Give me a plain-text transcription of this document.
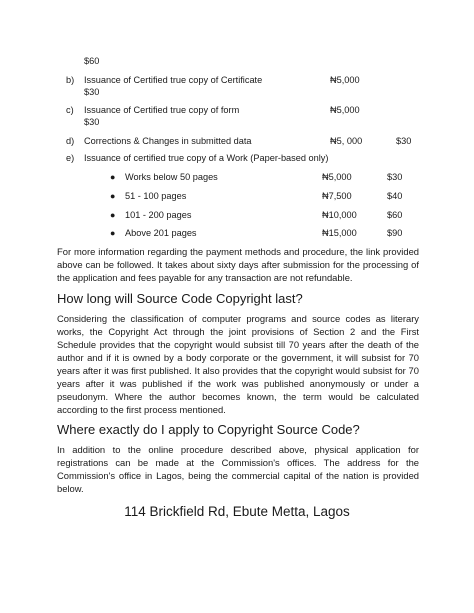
$60
b) Issuance of Certified true copy of Certificate	₦5,000
$30
c) Issuance of Certified true copy of form	₦5,000
$30
d) Corrections & Changes in submitted data	₦5, 000	$30
e) Issuance of certified true copy of a Work (Paper-based only)
● Works below 50 pages	₦5,000	$30
● 51 - 100 pages	₦7,500	$40
● 101 - 200 pages	₦10,000	$60
● Above 201 pages	₦15,000	$90
For more information regarding the payment methods and procedure, the link provided above can be followed. It takes about sixty days after submission for the processing of the application and fees payable for any transaction are not refundable.
How long will Source Code Copyright last?
Considering the classification of computer programs and source codes as literary works, the Copyright Act through the joint provisions of Section 2 and the First Schedule provides that the copyright would subsist till 70 years after the death of the author and if it is owned by a body corporate or the government, it will subsist for 70 years after it was first published. It also provides that the copyright would subsist for 70 years after it was published if the work was published anonymously or under a pseudonym. Where the author becomes known, the term would be calculated according to the first process mentioned.
Where exactly do I apply to Copyright Source Code?
In addition to the online procedure described above, physical application for registrations can be made at the Commission's offices. The address for the Commission's office in Lagos, being the commercial capital of the nation is provided below.
114 Brickfield Rd, Ebute Metta, Lagos
